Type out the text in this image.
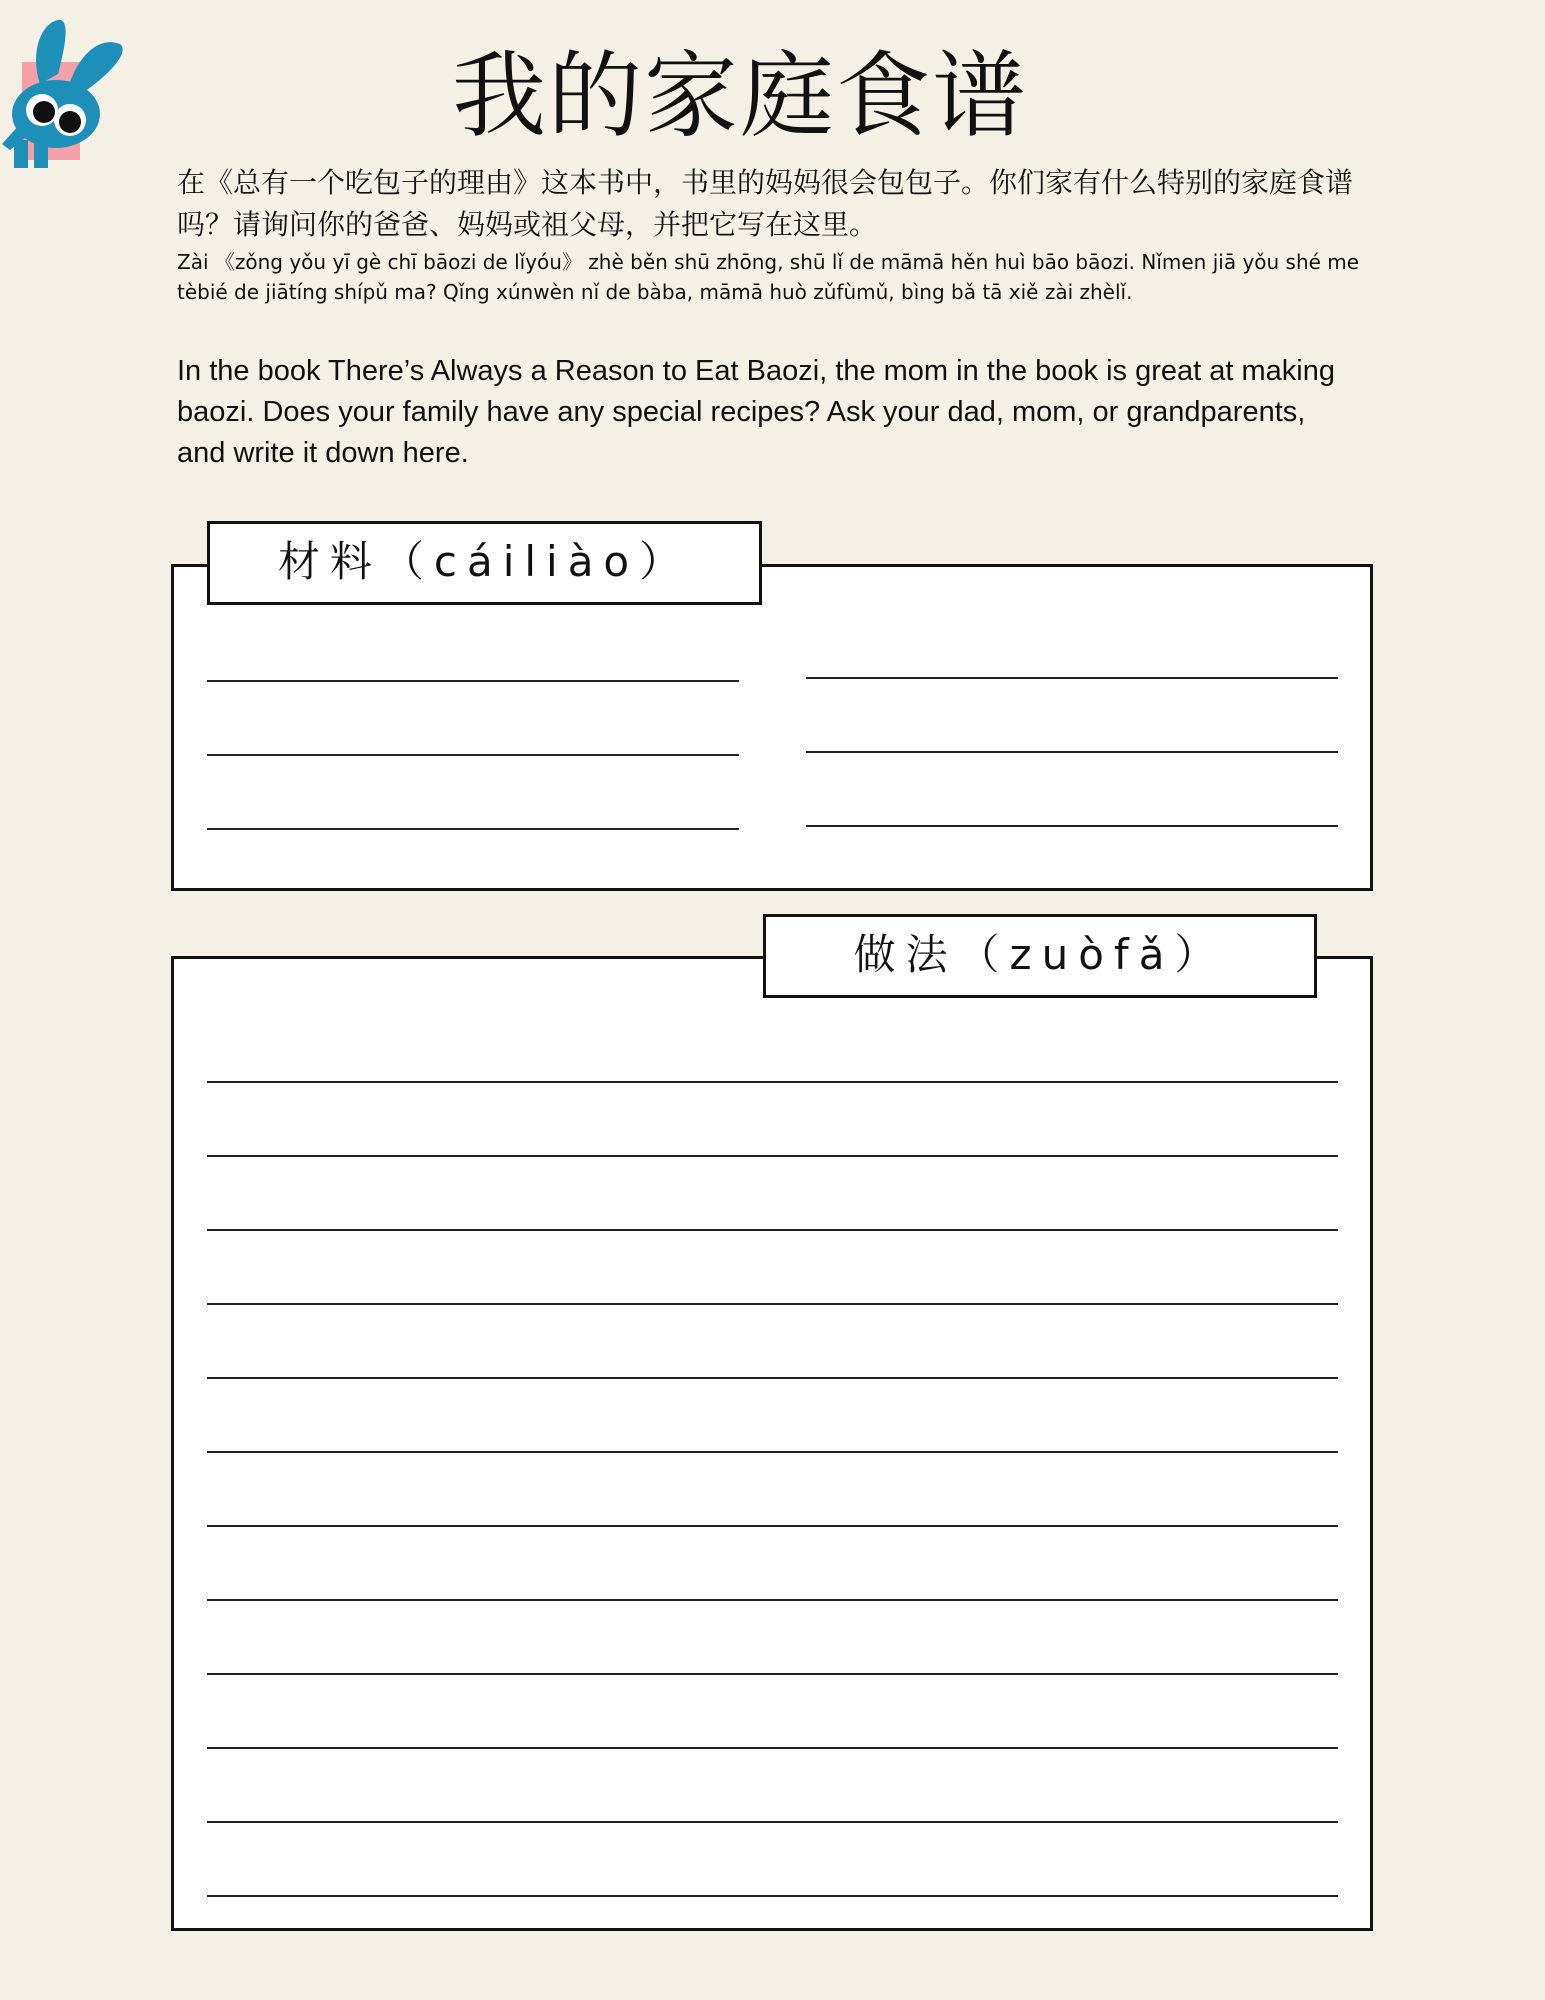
我的家庭食谱

在《总有一个吃包子的理由》这本书中，书里的妈妈很会包包子。你们家有什么特别的家庭食谱吗？请询问你的爸爸、妈妈或祖父母，并把它写在这里。

Zài 《zǒng yǒu yī gè chī bāozi de lǐyóu》 zhè běn shū zhōng, shū lǐ de māmā hěn huì bāo bāozi. Nǐmen jiā yǒu shé me tèbié de jiātíng shípǔ ma? Qǐng xúnwèn nǐ de bàba, māmā huò zǔfùmǔ, bìng bǎ tā xiě zài zhèlǐ.

In the book There’s Always a Reason to Eat Baozi, the mom in the book is great at making baozi. Does your family have any special recipes? Ask your dad, mom, or grandparents, and write it down here.

材料（cáiliào）
做法（zuòfǎ）
